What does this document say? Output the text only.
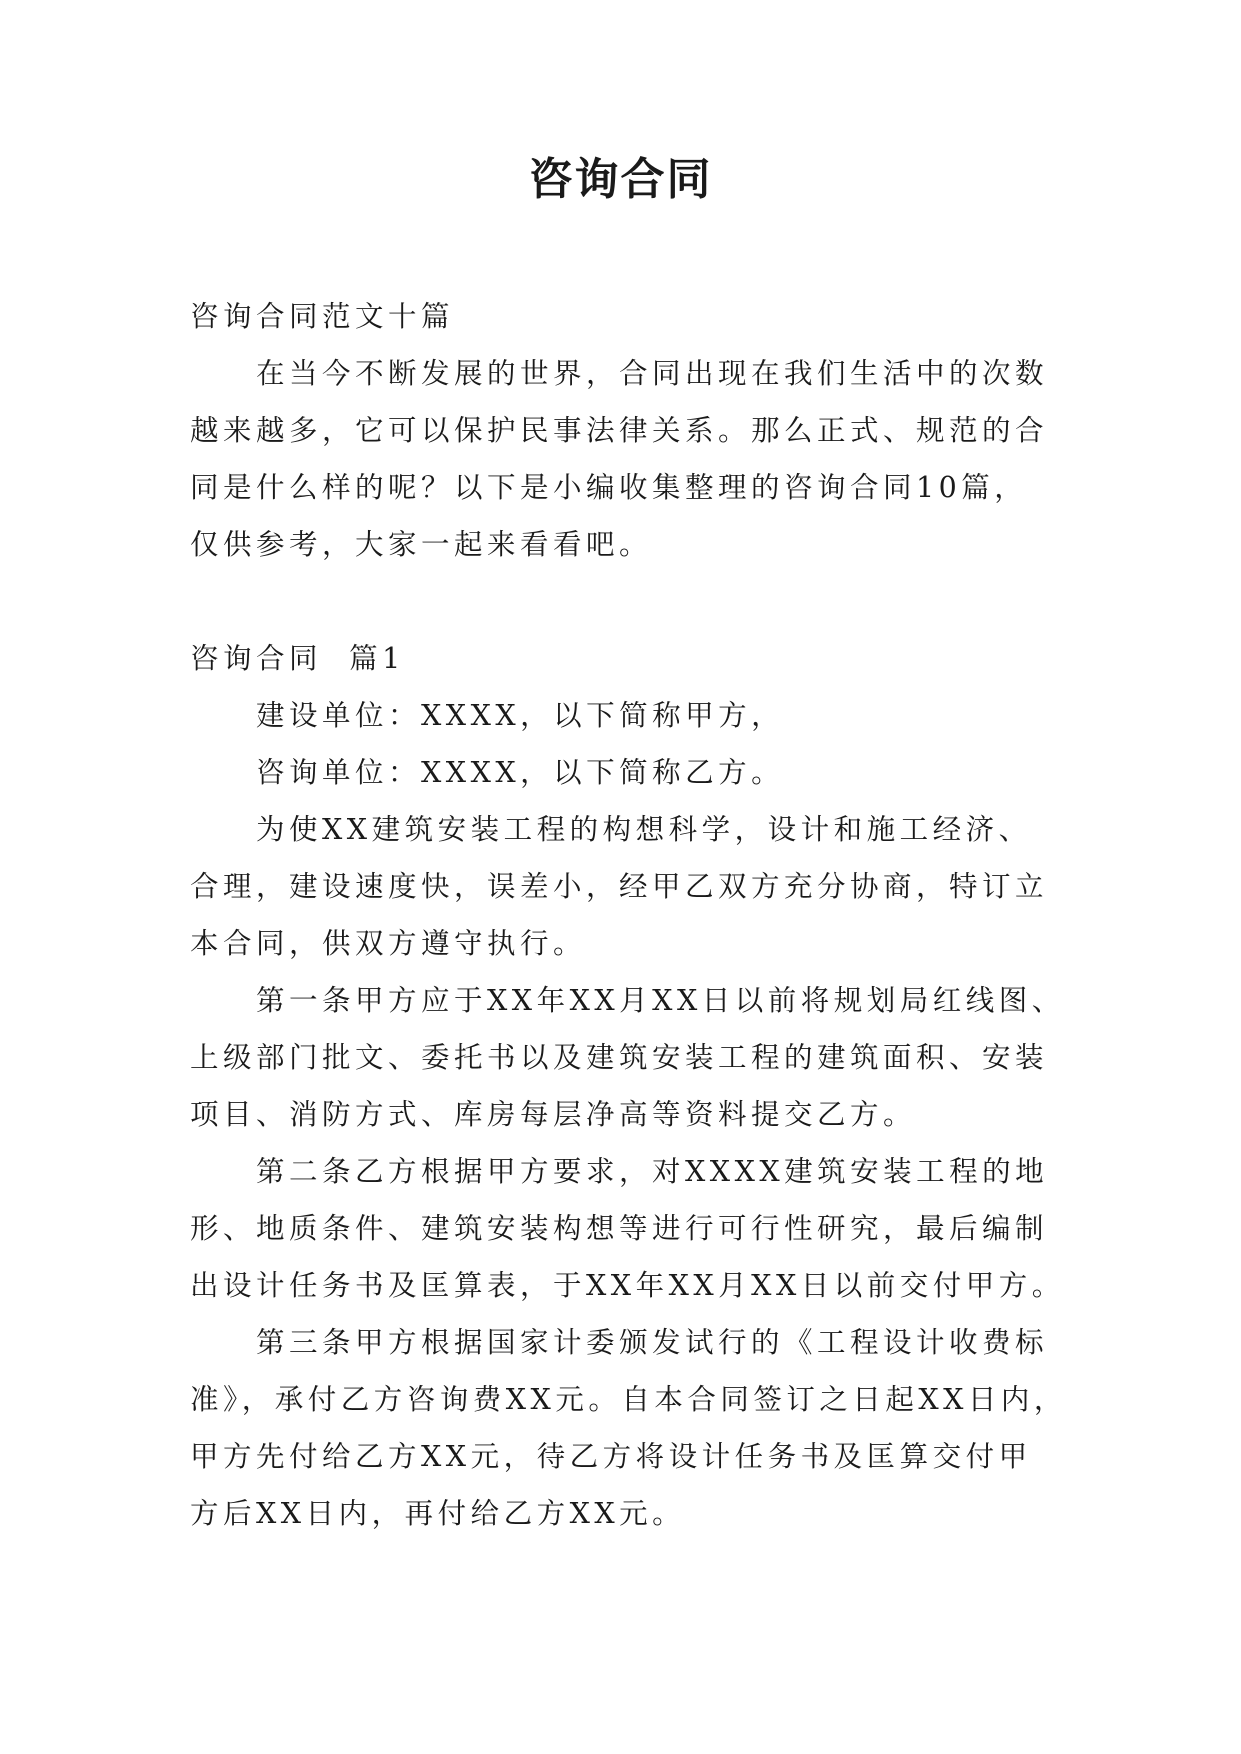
咨询合同

咨询合同范文十篇

在当今不断发展的世界，合同出现在我们生活中的次数

越来越多，它可以保护民事法律关系。那么正式、规范的合

同是什么样的呢？以下是小编收集整理的咨询合同10篇，

仅供参考，大家一起来看看吧。

咨询合同  篇1

建设单位：XXXX，以下简称甲方，

咨询单位：XXXX，以下简称乙方。

为使XX建筑安装工程的构想科学，设计和施工经济、

合理，建设速度快，误差小，经甲乙双方充分协商，特订立

本合同，供双方遵守执行。

第一条甲方应于XX年XX月XX日以前将规划局红线图、

上级部门批文、委托书以及建筑安装工程的建筑面积、安装

项目、消防方式、库房每层净高等资料提交乙方。

第二条乙方根据甲方要求，对XXXX建筑安装工程的地

形、地质条件、建筑安装构想等进行可行性研究，最后编制

出设计任务书及匡算表，于XX年XX月XX日以前交付甲方。

第三条甲方根据国家计委颁发试行的《工程设计收费标

准》，承付乙方咨询费XX元。自本合同签订之日起XX日内，

甲方先付给乙方XX元，待乙方将设计任务书及匡算交付甲

方后XX日内，再付给乙方XX元。
